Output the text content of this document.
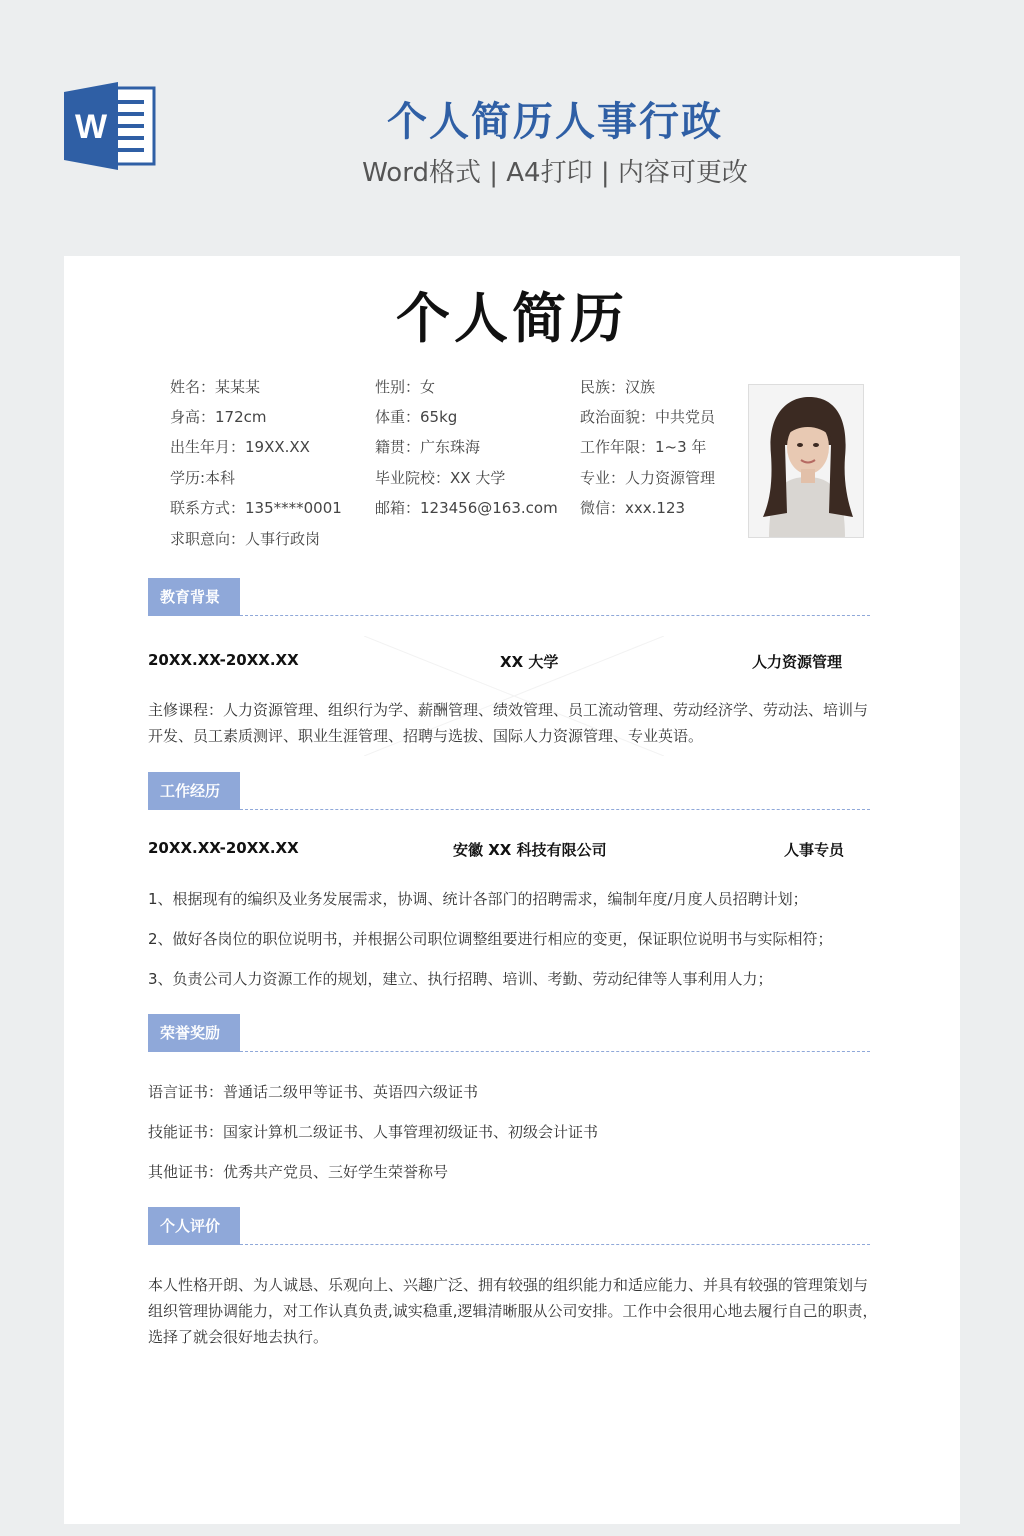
W	个人简历人事行政
Word格式 | A4打印 | 内容可更改
个人简历
姓名：某某某	性别：女	民族：汉族
身高：172cm	体重：65kg	政治面貌：中共党员
出生年月：19XX.XX	籍贯：广东珠海	工作年限：1~3 年
学历:本科	毕业院校：XX 大学	专业：人力资源管理
联系方式：135****0001 邮箱：123456@163.com 微信：xxx.123
求职意向：人事行政岗
教育背景
20XX.XX-20XX.XX	XX 大学	人力资源管理
主修课程：人力资源管理、组织行为学、薪酬管理、绩效管理、员工流动管理、劳动经济学、劳动法、培训与开发、员工素质测评、职业生涯管理、招聘与选拔、国际人力资源管理、专业英语。
工作经历
20XX.XX-20XX.XX	安徽 XX 科技有限公司	人事专员
1、根据现有的编织及业务发展需求，协调、统计各部门的招聘需求，编制年度/月度人员招聘计划；
2、做好各岗位的职位说明书，并根据公司职位调整组要进行相应的变更，保证职位说明书与实际相符；
3、负责公司人力资源工作的规划，建立、执行招聘、培训、考勤、劳动纪律等人事利用人力；
荣誉奖励
语言证书：普通话二级甲等证书、英语四六级证书
技能证书：国家计算机二级证书、人事管理初级证书、初级会计证书
其他证书：优秀共产党员、三好学生荣誉称号
个人评价
本人性格开朗、为人诚恳、乐观向上、兴趣广泛、拥有较强的组织能力和适应能力、并具有较强的管理策划与组织管理协调能力，对工作认真负责,诚实稳重,逻辑清晰服从公司安排。工作中会很用心地去履行自己的职责，选择了就会很好地去执行。
